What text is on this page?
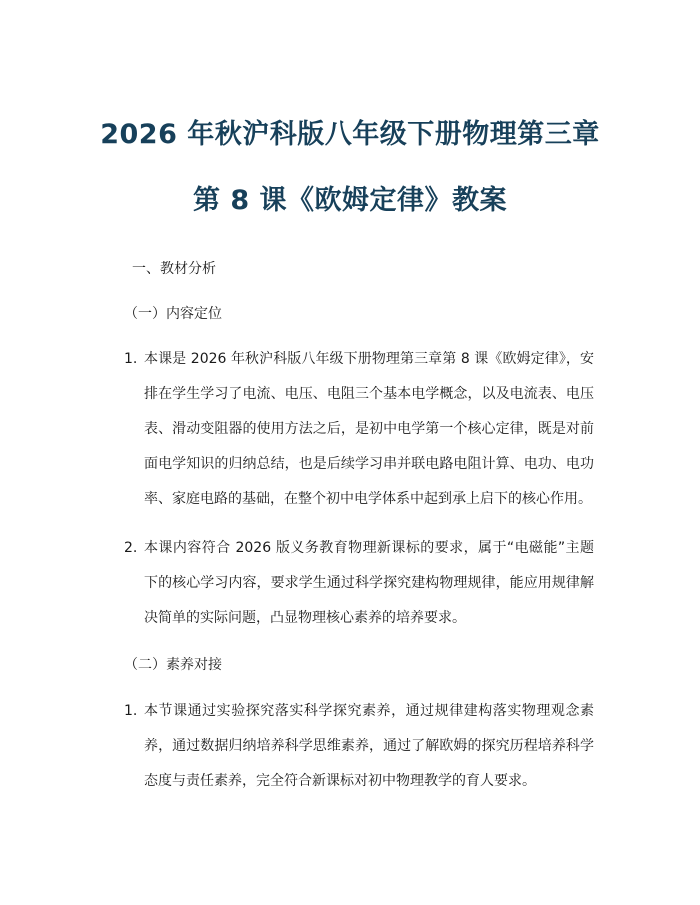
2026 年秋沪科版八年级下册物理第三章
第 8 课《欧姆定律》教案

一、教材分析

（一）内容定位

1. 本课是 2026 年秋沪科版八年级下册物理第三章第 8 课《欧姆定律》，安排在学生学习了电流、电压、电阻三个基本电学概念，以及电流表、电压表、滑动变阻器的使用方法之后，是初中电学第一个核心定律，既是对前面电学知识的归纳总结，也是后续学习串并联电路电阻计算、电功、电功率、家庭电路的基础，在整个初中电学体系中起到承上启下的核心作用。
2. 本课内容符合 2026 版义务教育物理新课标的要求，属于“电磁能”主题下的核心学习内容，要求学生通过科学探究建构物理规律，能应用规律解决简单的实际问题，凸显物理核心素养的培养要求。

（二）素养对接

1. 本节课通过实验探究落实科学探究素养，通过规律建构落实物理观念素养，通过数据归纳培养科学思维素养，通过了解欧姆的探究历程培养科学态度与责任素养，完全符合新课标对初中物理教学的育人要求。
